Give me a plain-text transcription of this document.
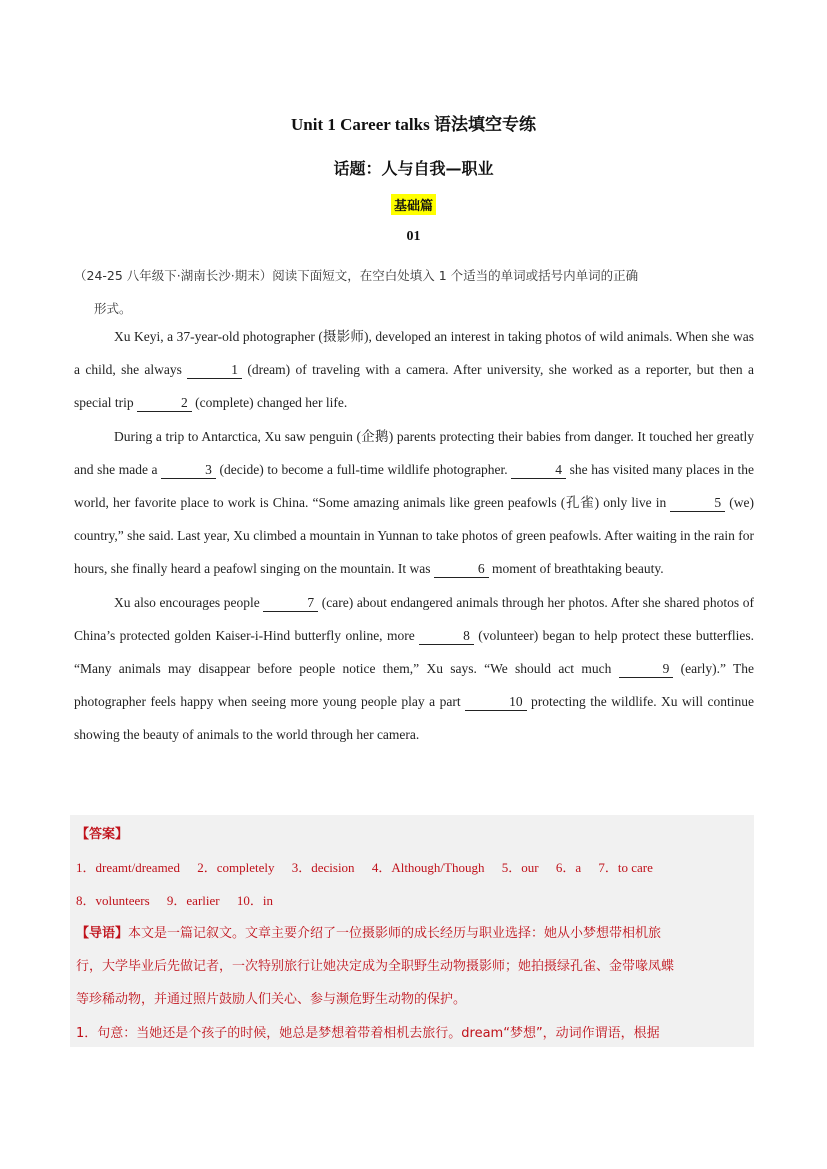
Unit 1 Career talks 语法填空专练
话题：人与自我—职业
基础篇
01
（24-25 八年级下·湖南长沙·期末）阅读下面短文，在空白处填入 1 个适当的单词或括号内单词的正确
形式。

Xu Keyi, a 37-year-old photographer (摄影师), developed an interest in taking photos of wild animals. When she was a child, she always	1 (dream) of traveling with a camera. After university, she worked as a reporter, but then a special trip	2 (complete) changed her life.

During a trip to Antarctica, Xu saw penguin (企鹅) parents protecting their babies from danger. It touched her greatly and she made a	3 (decide) to become a full-time wildlife photographer.	4 she has visited many places in the world, her favorite place to work is China. “Some amazing animals like green peafowls (孔雀) only live in	5 (we) country,” she said. Last year, Xu climbed a mountain in Yunnan to take photos of green peafowls. After waiting in the rain for hours, she finally heard a peafowl singing on the mountain. It was	6 moment of breathtaking beauty.

Xu also encourages people	7 (care) about endangered animals through her photos. After she shared photos of China’s protected golden Kaiser-i-Hind butterfly online, more	8 (volunteer) began to help protect these butterflies. “Many animals may disappear before people notice them,” Xu says. “We should act much	9 (early).” The photographer feels happy when seeing more young people play a part	10 protecting the wildlife. Xu will continue showing the beauty of animals to the world through her camera.

【答案】
1．dreamt/dreamed 2．completely 3．decision 4．Although/Though 5．our 6．a 7．to care
8．volunteers 9．earlier 10．in
【导语】本文是一篇记叙文。文章主要介绍了一位摄影师的成长经历与职业选择：她从小梦想带相机旅
行，大学毕业后先做记者，一次特别旅行让她决定成为全职野生动物摄影师；她拍摄绿孔雀、金带喙凤蝶
等珍稀动物，并通过照片鼓励人们关心、参与濒危野生动物的保护。
1．句意：当她还是个孩子的时候，她总是梦想着带着相机去旅行。dream“梦想”，动词作谓语，根据
